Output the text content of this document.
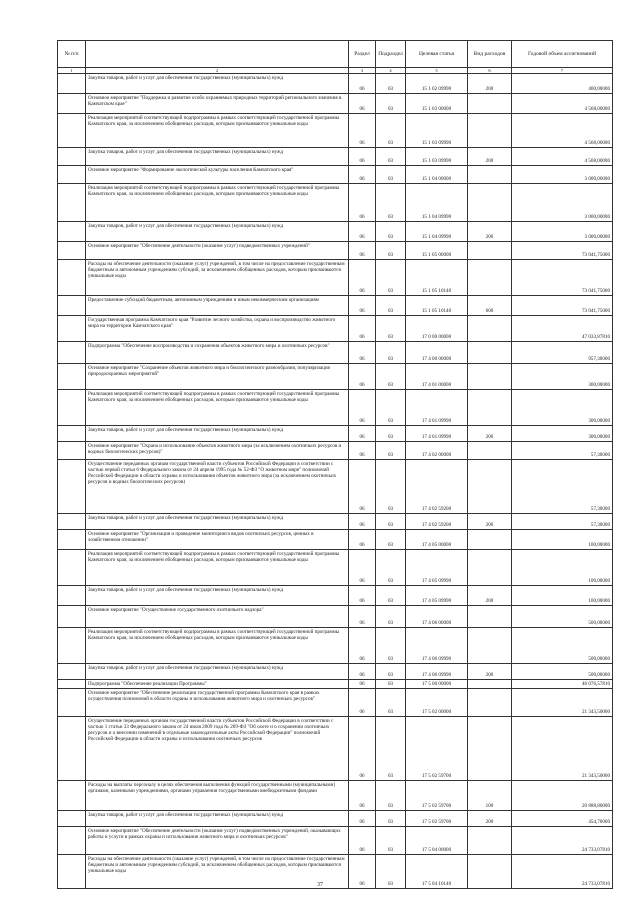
№ п/п		Раздел	Подраздел	Целевая статья	Вид расходов	Годовой объем ассигнований
1	2	3	4	5	6	7
	Закупка товаров, работ и услуг для обеспечения государственных (муниципальных) нужд	06	03	15 1 02 09990	200	400,00000
	Основное мероприятие "Поддержка и развитие особо охраняемых природных территорий регионального значения в Камчатском крае"	06	03	15 1 03 00000		4 568,00000
	Реализация мероприятий соответствующей подпрограммы в рамках соответствующей государственной программы Камчатского края, за исключением обобщенных расходов, которым присваиваются уникальные коды	06	03	15 1 03 09990		4 568,00000
	Закупка товаров, работ и услуг для обеспечения государственных (муниципальных) нужд	06	03	15 1 03 09990	200	4 568,00000
	Основное мероприятие "Формирование экологической культуры населения Камчатского края"	06	03	15 1 04 00000		3 000,00000
	Реализация мероприятий соответствующей подпрограммы в рамках соответствующей государственной программы Камчатского края, за исключением обобщенных расходов, которым присваиваются уникальные коды	06	03	15 1 04 09990		3 000,00000
	Закупка товаров, работ и услуг для обеспечения государственных (муниципальных) нужд	06	03	15 1 04 09990	200	3 000,00000
	Основное мероприятие "Обеспечение деятельности (оказание услуг) подведомственных учреждений"	06	03	15 1 05 00000		73 041,75000
	Расходы на обеспечение деятельности (оказание услуг) учреждений, в том числе на предоставление государственным бюджетным и автономным учреждениям субсидий, за исключением обобщенных расходов, которым присваиваются уникальные коды	06	03	15 1 05 10140		73 041,75000
	Предоставление субсидий бюджетным, автономным учреждениям и иным некоммерческим организациям	06	03	15 1 05 10140	600	73 041,75000
	Государственная программа Камчатского края "Развитие лесного хозяйства, охрана и воспроизводство животного мира на территории Камчатского края"	06	03	17 0 00 00000		47 033,87810
	Подпрограмма "Обеспечение воспроизводства и сохранения объектов животного мира и охотничьих ресурсов"	06	03	17 4 00 00000		957,30000
	Основное мероприятие "Сохранение объектов животного мира и биологического разнообразия, популяризация природоохранных мероприятий"	06	03	17 4 01 00000		300,00000
	Реализация мероприятий соответствующей подпрограммы в рамках соответствующей государственной программы Камчатского края, за исключением обобщенных расходов, которым присваиваются уникальные коды	06	03	17 4 01 09990		300,00000
	Закупка товаров, работ и услуг для обеспечения государственных (муниципальных) нужд	06	03	17 4 01 09990	200	300,00000
	Основное мероприятие "Охрана и использование объектов животного мира (за исключением охотничьих ресурсов и водных биологических ресурсов)"	06	03	17 4 02 00000		57,30000
	Осуществление переданных органам государственной власти субъектов Российской Федерации в соответствии с частью первой статьи 6 Федерального закона от 24 апреля 1995 года № 52-ФЗ "О животном мире" полномочий Российской Федерации в области охраны и использования объектов животного мира (за исключением охотничьих ресурсов и водных биологических ресурсов)	06	03	17 4 02 59200		57,30000
	Закупка товаров, работ и услуг для обеспечения государственных (муниципальных) нужд	06	03	17 4 02 59200	200	57,30000
	Основное мероприятие "Организация и проведение мониторинга видов охотничьих ресурсов, ценных в хозяйственном отношении"	06	03	17 4 05 00000		100,00000
	Реализация мероприятий соответствующей подпрограммы в рамках соответствующей государственной программы Камчатского края, за исключением обобщенных расходов, которым присваиваются уникальные коды	06	03	17 4 05 09990		100,00000
	Закупка товаров, работ и услуг для обеспечения государственных (муниципальных) нужд	06	03	17 4 05 09990	200	100,00000
	Основное мероприятие "Осуществление государственного охотничьего надзора"	06	03	17 4 06 00000		500,00000
	Реализация мероприятий соответствующей подпрограммы в рамках соответствующей государственной программы Камчатского края, за исключением обобщенных расходов, которым присваиваются уникальные коды	06	03	17 4 06 09990		500,00000
	Закупка товаров, работ и услуг для обеспечения государственных (муниципальных) нужд	06	03	17 4 06 09990	200	500,00000
	Подпрограмма "Обеспечение реализации Программы"	06	03	17 5 00 00000		46 076,57810
	Основное мероприятие "Обеспечение реализации государственной программы Камчатского края в рамках осуществления полномочий в области охраны и использования животного мира и охотничьих ресурсов"	06	03	17 5 02 00000		21 343,50000
	Осуществление переданных органам государственной власти субъектов Российской Федерации в соответствии с частью 1 статьи 33 Федерального закона от 24 июля 2009 года № 209-ФЗ "Об охоте и о сохранении охотничьих ресурсов и о внесении изменений в отдельные законодательные акты Российской Федерации" полномочий Российской Федерации в области охраны и использования охотничьих ресурсов	06	03	17 5 02 59700		21 343,50000
	Расходы на выплаты персоналу в целях обеспечения выполнения функций государственными (муниципальными) органами, казенными учреждениями, органами управления государственными внебюджетными фондами	06	03	17 5 02 59700	100	20 888,80000
	Закупка товаров, работ и услуг для обеспечения государственных (муниципальных) нужд	06	03	17 5 02 59700	200	454,70000
	Основное мероприятие "Обеспечение деятельности (оказание услуг) подведомственных учреждений, оказывающих работы и услуги в рамках охраны и использования животного мира и охотничьих ресурсов"	06	03	17 5 04 00000		24 733,07810
	Расходы на обеспечение деятельности (оказание услуг) учреждений, в том числе на предоставление государственным бюджетным и автономным учреждениям субсидий, за исключением обобщенных расходов, которым присваиваются уникальные коды	06	03	17 5 04 10140		24 733,07810
37
